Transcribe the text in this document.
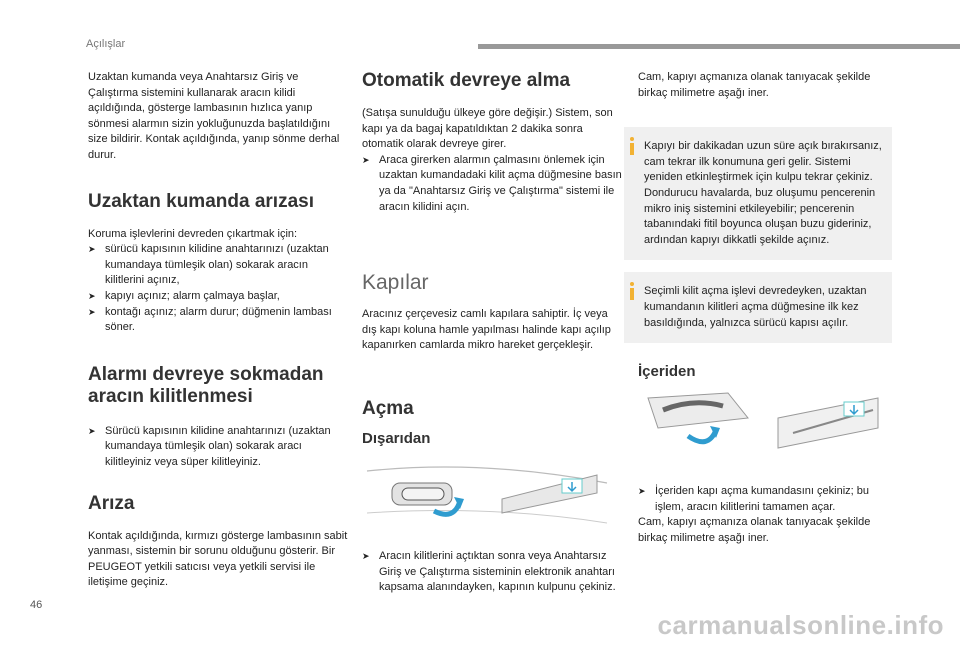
Açılışlar

Uzaktan kumanda veya Anahtarsız Giriş ve Çalıştırma sistemini kullanarak aracın kilidi açıldığında, gösterge lambasının hızlıca yanıp sönmesi alarmın sizin yokluğunuzda başlatıldığını size bildirir. Kontak açıldığında, yanıp sönme derhal durur.

Uzaktan kumanda arızası

Koruma işlevlerini devreden çıkartmak için:

➤ sürücü kapısının kilidine anahtarınızı (uzaktan kumandaya tümleşik olan) sokarak aracın kilitlerini açınız,
➤ kapıyı açınız; alarm çalmaya başlar,
➤ kontağı açınız; alarm durur; düğmenin lambası söner.
Alarmı devreye sokmadan aracın kilitlenmesi
➤ Sürücü kapısının kilidine anahtarınızı (uzaktan kumandaya tümleşik olan) sokarak aracı kilitleyiniz veya süper kilitleyiniz.
Arıza

Kontak açıldığında, kırmızı gösterge lambasının sabit yanması, sistemin bir sorunu olduğunu gösterir. Bir PEUGEOT yetkili satıcısı veya yetkili servisi ile iletişime geçiniz.

Otomatik devreye alma

(Satışa sunulduğu ülkeye göre değişir.) Sistem, son kapı ya da bagaj kapatıldıktan 2 dakika sonra otomatik olarak devreye girer.

➤ Araca girerken alarmın çalmasını önlemek için uzaktan kumandadaki kilit açma düğmesine basın ya da "Anahtarsız Giriş ve Çalıştırma" sistemi ile aracın kilidini açın.
Kapılar

Aracınız çerçevesiz camlı kapılara sahiptir. İç veya dış kapı koluna hamle yapılması halinde kapı açılıp kapanırken camlarda mikro hareket gerçekleşir.

Açma
Dışarıdan
➤ Aracın kilitlerini açtıktan sonra veya Anahtarsız Giriş ve Çalıştırma sisteminin elektronik anahtarı kapsama alanındayken, kapının kulpunu çekiniz.

Cam, kapıyı açmanıza olanak tanıyacak şekilde birkaç milimetre aşağı iner.

Kapıyı bir dakikadan uzun süre açık bırakırsanız, cam tekrar ilk konumuna geri gelir. Sistemi yeniden etkinleştirmek için kulpu tekrar çekiniz. Dondurucu havalarda, buz oluşumu pencerenin mikro iniş sistemini etkileyebilir; pencerenin tabanındaki fitil boyunca oluşan buzu gideriniz, ardından kapıyı dikkatli şekilde açınız.

Seçimli kilit açma işlevi devredeyken, uzaktan kumandanın kilitleri açma düğmesine ilk kez basıldığında, yalnızca sürücü kapısı açılır.

İçeriden
➤ İçeriden kapı açma kumandasını çekiniz; bu işlem, aracın kilitlerini tamamen açar.

Cam, kapıyı açmanıza olanak tanıyacak şekilde birkaç milimetre aşağı iner.

46
carmanualsonline.info
